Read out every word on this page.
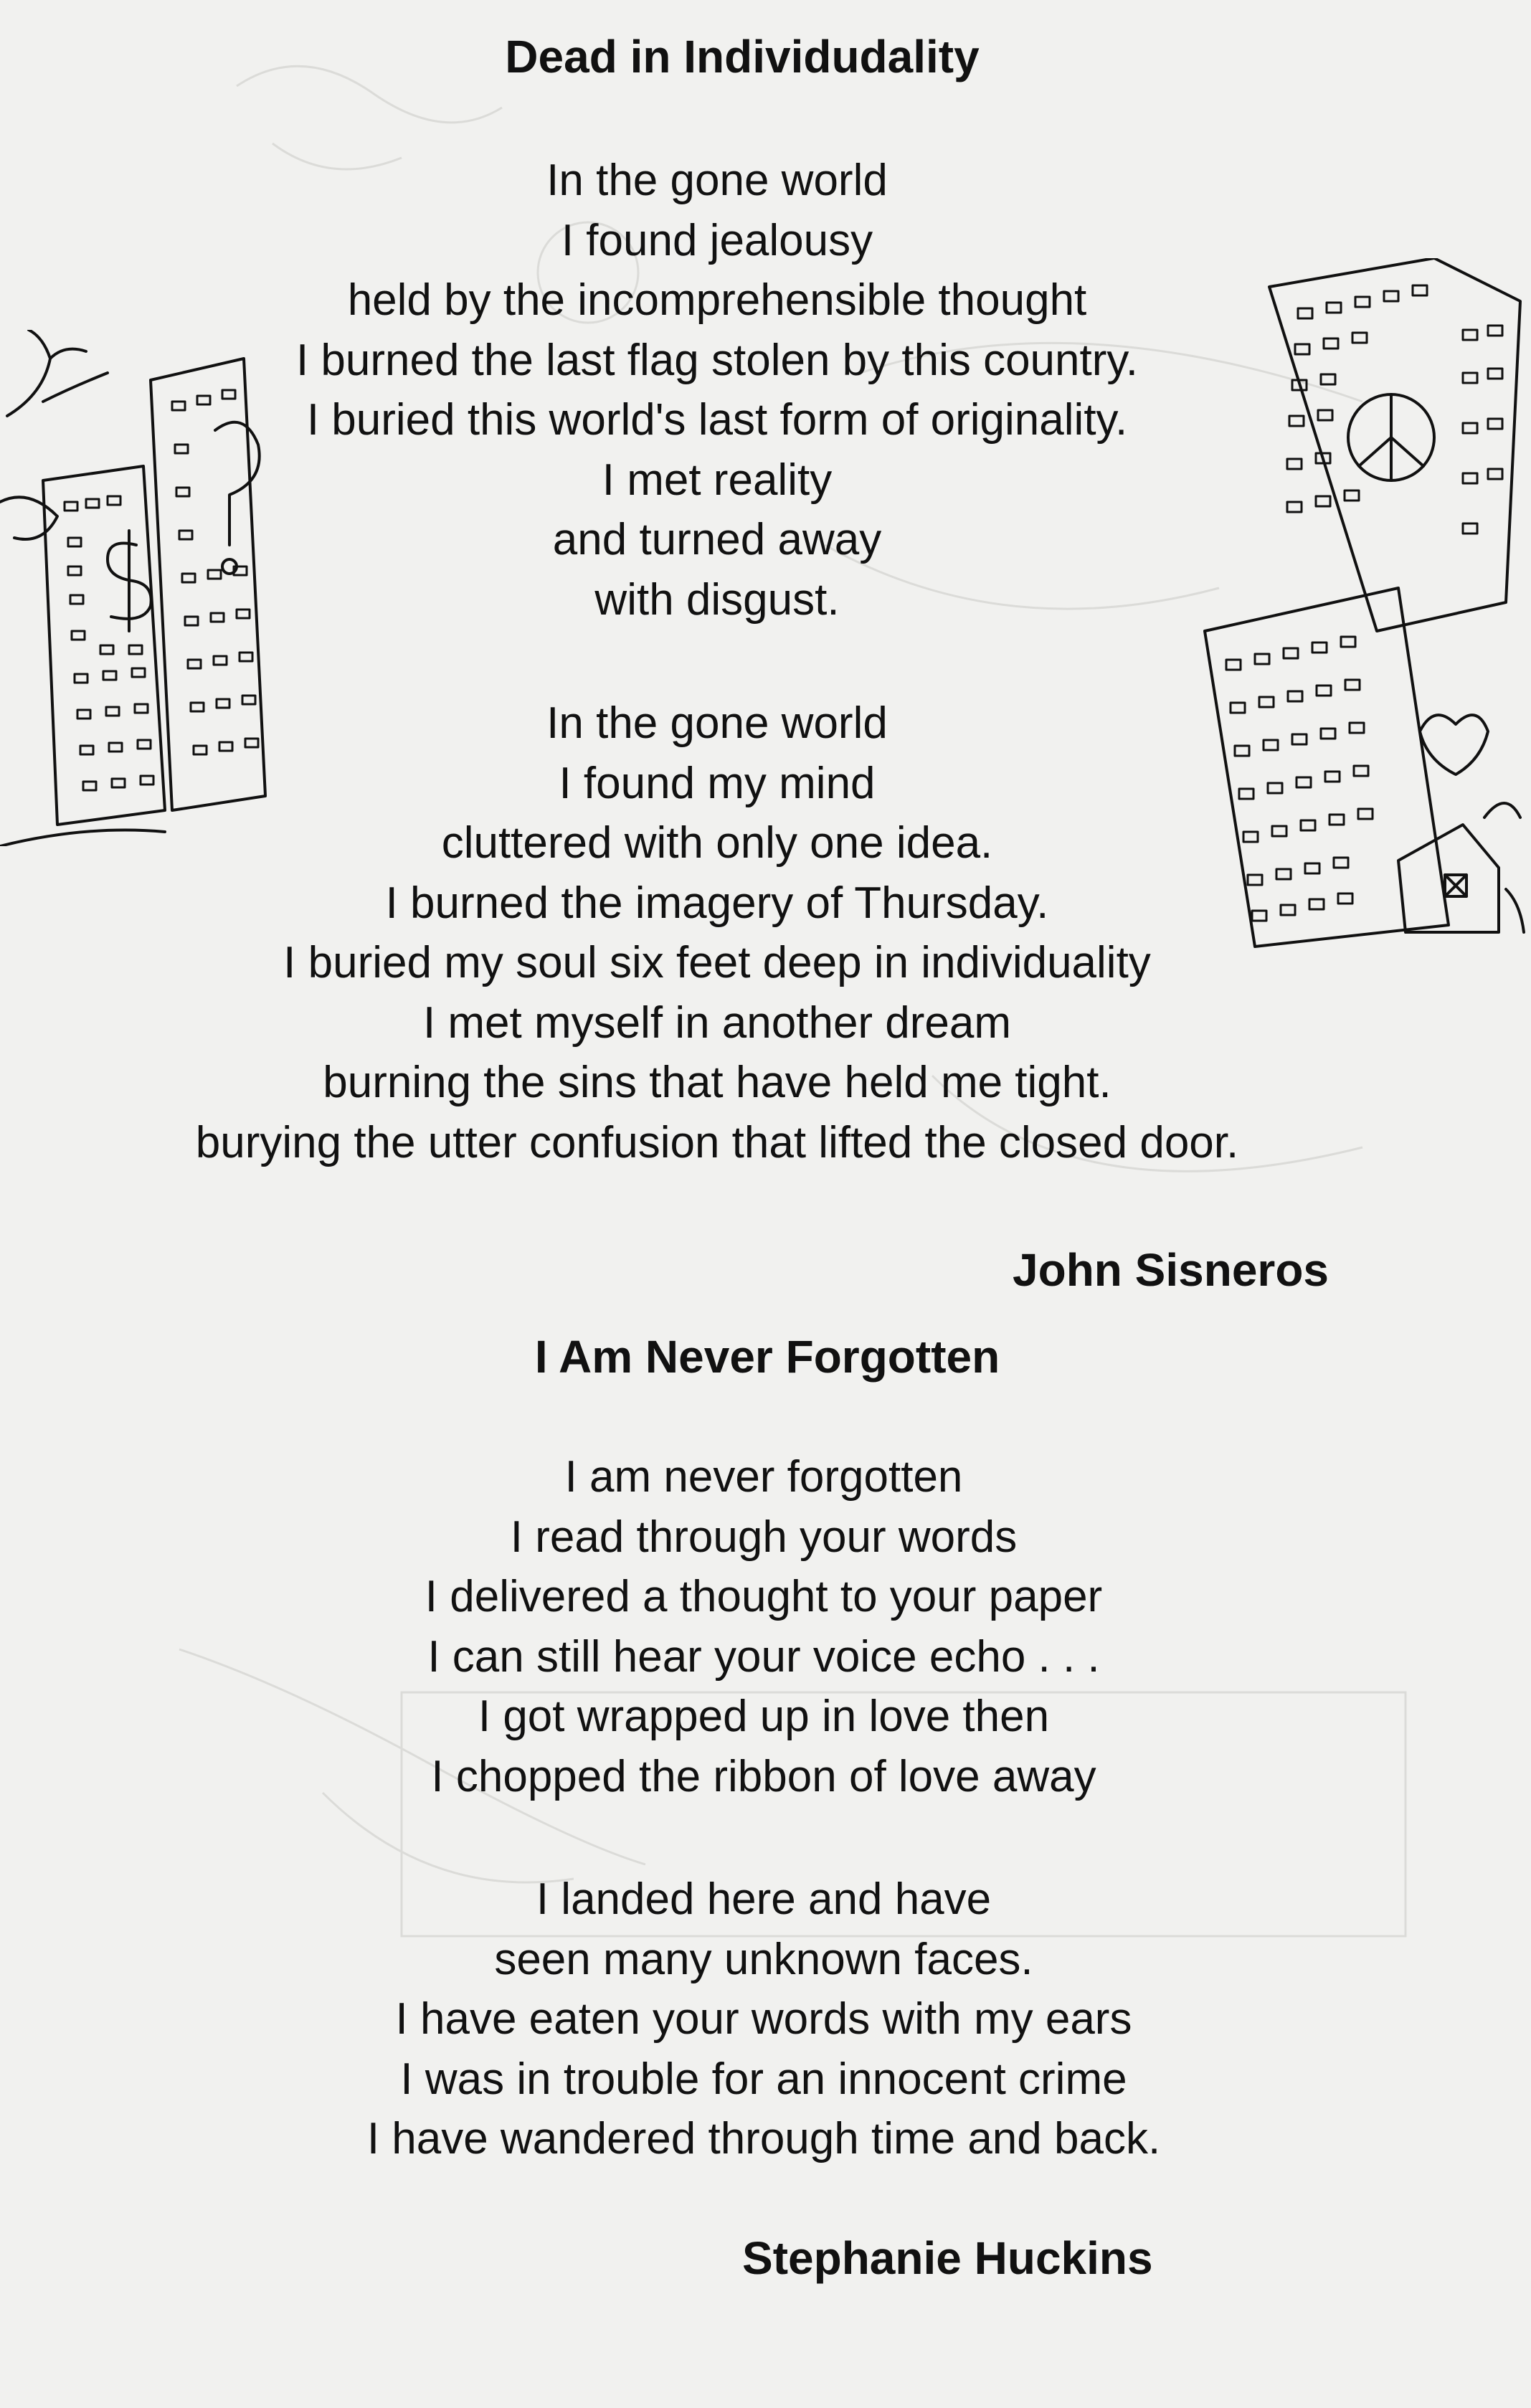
Dead in Individudality
In the gone world
I found jealousy
held by the incomprehensible thought
I burned the last flag stolen by this country.
I buried this world's last form of originality.
I met reality
and turned away
with disgust.
In the gone world
I found my mind
cluttered with only one idea.
I burned the imagery of Thursday.
I buried my soul six feet deep in individuality
I met myself in another dream
burning the sins that have held me tight.
burying the utter confusion that lifted the closed door.
John Sisneros
I Am Never Forgotten
I am never forgotten
I read through your words
I delivered a thought to your paper
I can still hear your voice echo . . .
I got wrapped up in love then
I chopped the ribbon of love away
I landed here and have
seen many unknown faces.
I have eaten your words with my ears
I was in trouble for an innocent crime
I have wandered through time and back.
Stephanie Huckins
